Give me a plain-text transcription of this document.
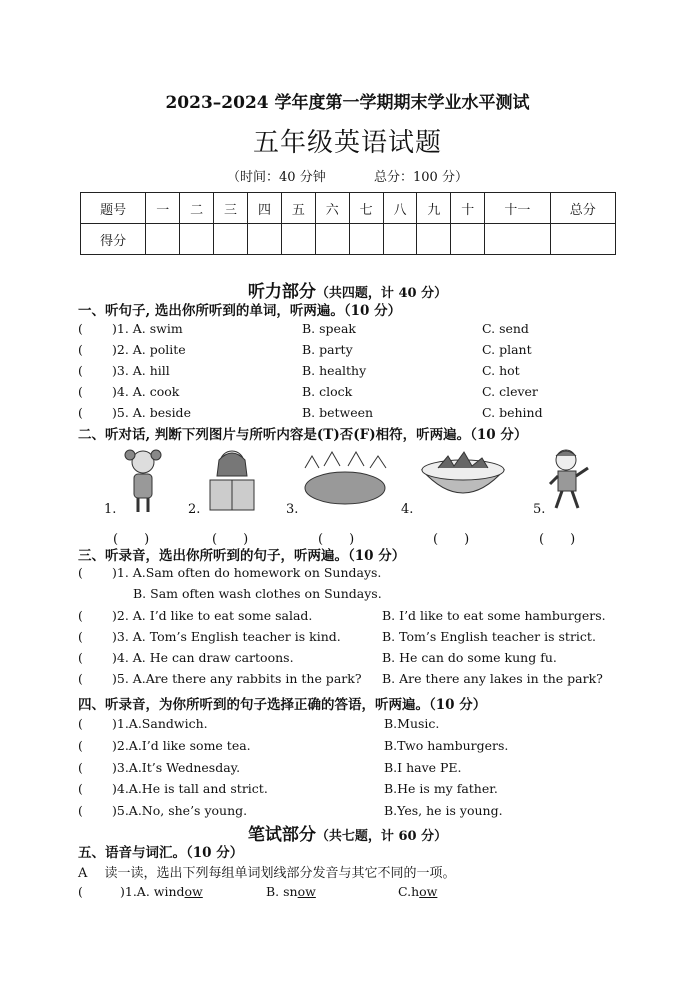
2023–2024 学年度第一学期期末学业水平测试
五年级英语试题
（时间：40 分钟	总分：100 分）
题号	一	二	三	四	五	六	七	八	九	十	十一	总分
得分												
听力部分（共四题，计 40 分）
一、听句子, 选出你所听到的单词，听两遍。（10 分）
( )1. A. swim	B. speak	C. send
( )2. A. polite	B. party	C. plant
( )3. A. hill	B. healthy	C. hot
( )4. A. cook	B. clock	C. clever
( )5. A. beside	B. between	C. behind
二、听对话, 判断下列图片与所听内容是(T)否(F)相符，听两遍。（10 分）
1.	2.	3.	4.	5.
(　　)	(　　)	(　　)	(　　)	(　　)
三、听录音，选出你所听到的句子，听两遍。（10 分）
( )1. A.Sam often do homework on Sundays.
B. Sam often wash clothes on Sundays.
( )2. A. I’d like to eat some salad.	B. I’d like to eat some hamburgers.
( )3. A. Tom’s English teacher is kind.	B. Tom’s English teacher is strict.
( )4. A. He can draw cartoons.	B. He can do some kung fu.
( )5. A.Are there any rabbits in the park? B. Are there any lakes in the park?
四、听录音，为你所听到的句子选择正确的答语，听两遍。（10 分）
( )1.A.Sandwich.	B.Music.
( )2.A.I’d like some tea.	B.Two hamburgers.
( )3.A.It’s Wednesday.	B.I have PE.
( )4.A.He is tall and strict.	B.He is my father.
( )5.A.No, she’s young.	B.Yes, he is young.
笔试部分（共七题，计 60 分）
五、语音与词汇。（10 分）
A　 读一读，选出下列每组单词划线部分发音与其它不同的一项。
(	)1.A. window	B. snow	C.how
